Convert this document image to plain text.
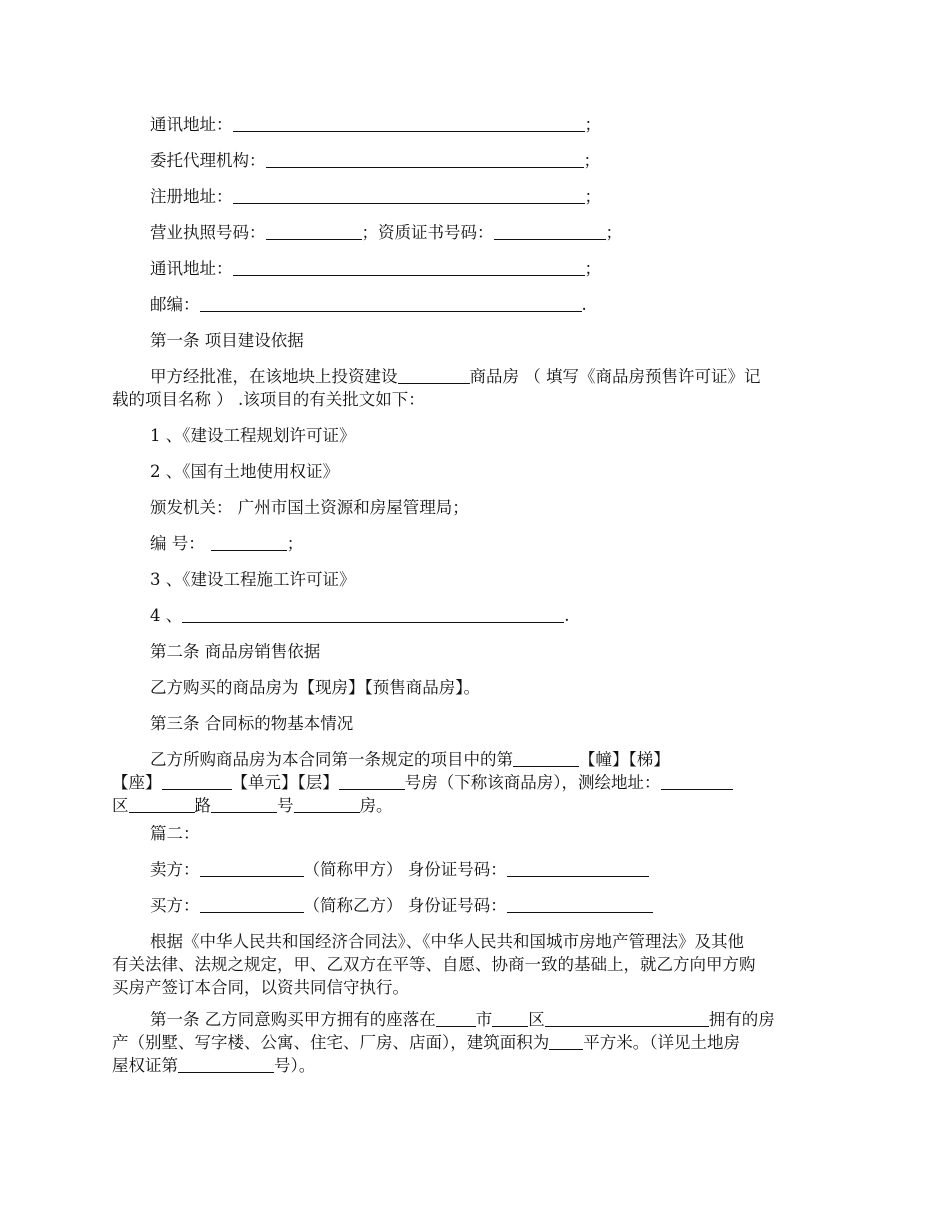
通讯地址：	；
委托代理机构：	；
注册地址：	；
营业执照号码：	；资质证书号码：	；
通讯地址：	；
邮编：	.
第一条 项目建设依据
甲方经批准，在该地块上投资建设	商品房 （ 填写《商品房预售许可证》记
载的项目名称 ） .该项目的有关批文如下：
1 、《建设工程规划许可证》
2 、《国有土地使用权证》
颁发机关： 广州市国土资源和房屋管理局；
编 号：	；
3 、《建设工程施工许可证》
4 、	.
第二条 商品房销售依据
乙方购买的商品房为【现房】【预售商品房】。
第三条 合同标的物基本情况
乙方所购商品房为本合同第一条规定的项目中的第	【幢】【梯】
【座】	【单元】【层】	号房（下称该商品房），测绘地址：
区	路	号	房。
篇二：
卖方：	（简称甲方） 身份证号码：
买方：	（简称乙方） 身份证号码：
根据《中华人民共和国经济合同法》、《中华人民共和国城市房地产管理法》及其他
有关法律、法规之规定，甲、乙双方在平等、自愿、协商一致的基础上，就乙方向甲方购
买房产签订本合同，以资共同信守执行。
第一条 乙方同意购买甲方拥有的座落在 市 区	拥有的房
产（别墅、写字楼、公寓、住宅、厂房、店面），建筑面积为 平方米。（详见土地房
屋权证第	号）。
